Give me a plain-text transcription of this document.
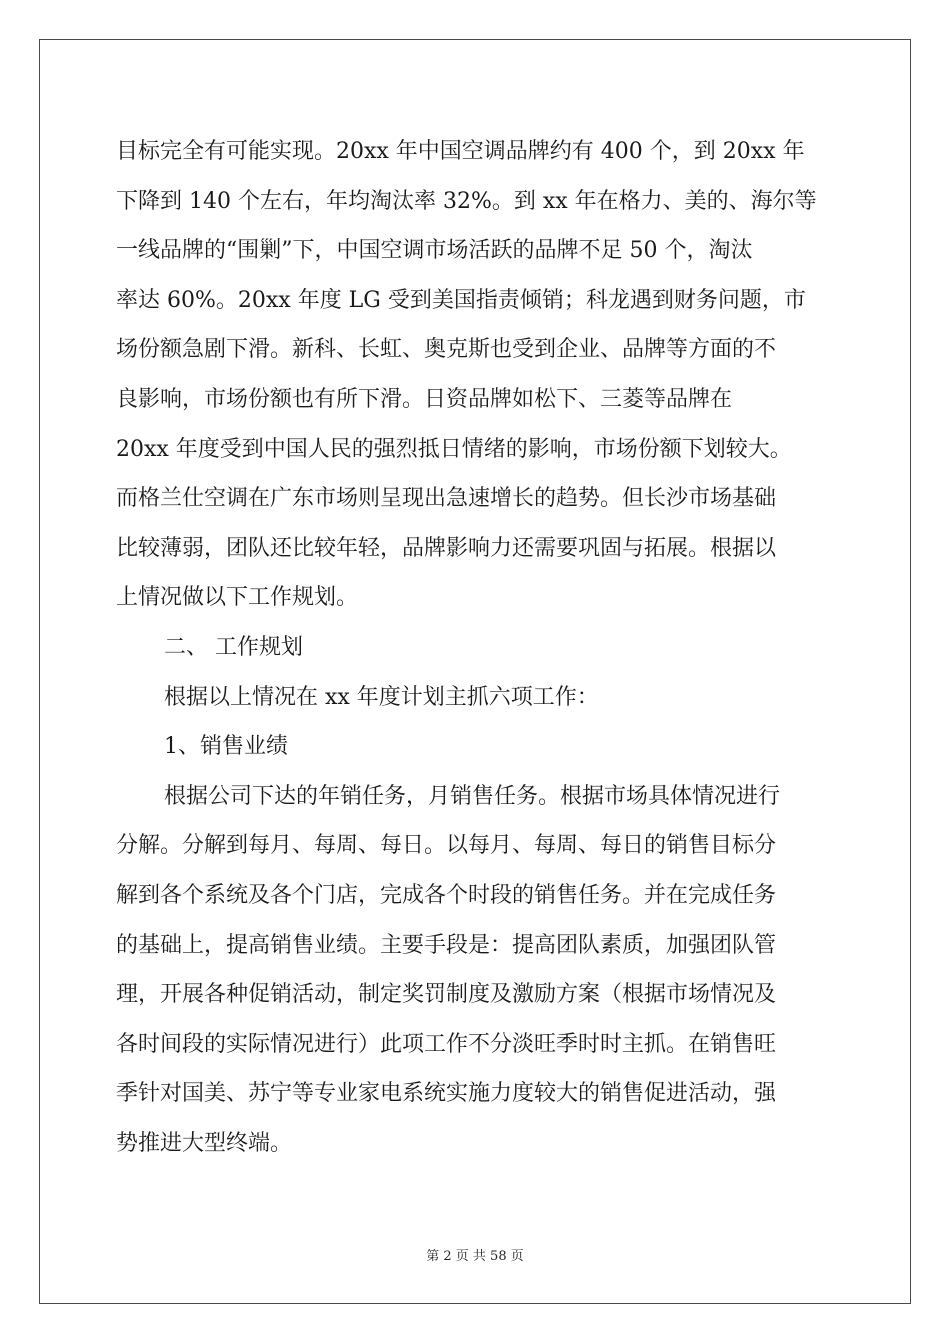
目标完全有可能实现。20xx 年中国空调品牌约有 400 个，到 20xx 年
下降到 140 个左右，年均淘汰率 32%。到 xx 年在格力、美的、海尔等
一线品牌的“围剿”下，中国空调市场活跃的品牌不足 50 个，淘汰
率达 60%。20xx 年度 LG 受到美国指责倾销；科龙遇到财务问题，市
场份额急剧下滑。新科、长虹、奥克斯也受到企业、品牌等方面的不
良影响，市场份额也有所下滑。日资品牌如松下、三菱等品牌在
20xx 年度受到中国人民的强烈抵日情绪的影响，市场份额下划较大。
而格兰仕空调在广东市场则呈现出急速增长的趋势。但长沙市场基础
比较薄弱，团队还比较年轻，品牌影响力还需要巩固与拓展。根据以
上情况做以下工作规划。
二、 工作规划
根据以上情况在 xx 年度计划主抓六项工作：
1、销售业绩
根据公司下达的年销任务，月销售任务。根据市场具体情况进行
分解。分解到每月、每周、每日。以每月、每周、每日的销售目标分
解到各个系统及各个门店，完成各个时段的销售任务。并在完成任务
的基础上，提高销售业绩。主要手段是：提高团队素质，加强团队管
理，开展各种促销活动，制定奖罚制度及激励方案（根据市场情况及
各时间段的实际情况进行）此项工作不分淡旺季时时主抓。在销售旺
季针对国美、苏宁等专业家电系统实施力度较大的销售促进活动，强
势推进大型终端。
第 2 页 共 58 页
